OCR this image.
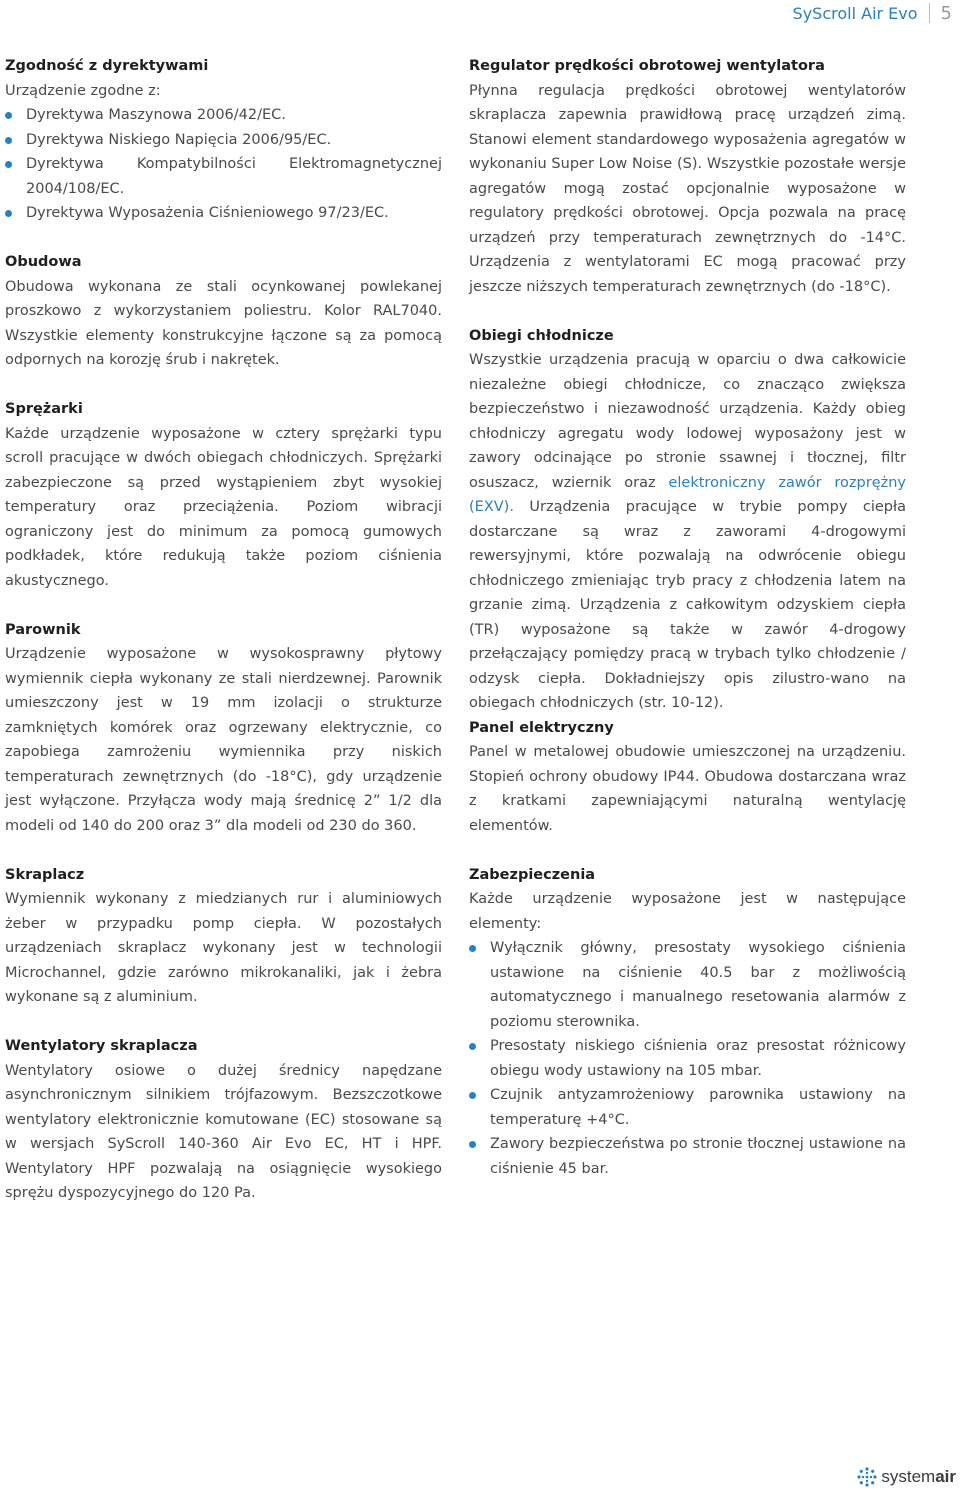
SyScroll Air Evo 5
Zgodność z dyrektywami

Urządzenie zgodne z:

Dyrektywa Maszynowa 2006/42/EC.
Dyrektywa Niskiego Napięcia 2006/95/EC.
Dyrektywa Kompatybilności Elektromagnetycznej 2004/108/EC.
Dyrektywa Wyposażenia Ciśnieniowego 97/23/EC.
Obudowa

Obudowa wykonana ze stali ocynkowanej powlekanej proszkowo z wykorzystaniem poliestru. Kolor RAL7040. Wszystkie elementy konstrukcyjne łączone są za pomocą odpornych na korozję śrub i nakrętek.

Sprężarki

Każde urządzenie wyposażone w cztery sprężarki typu scroll pracujące w dwóch obiegach chłodniczych. Sprężarki zabezpieczone są przed wystąpieniem zbyt wysokiej temperatury oraz przeciążenia. Poziom wibracji ograniczony jest do minimum za pomocą gumowych podkładek, które redukują także poziom ciśnienia akustycznego.

Parownik

Urządzenie wyposażone w wysokosprawny płytowy wymiennik ciepła wykonany ze stali nierdzewnej. Parownik umieszczony jest w 19 mm izolacji o strukturze zamkniętych komórek oraz ogrzewany elektrycznie, co zapobiega zamrożeniu wymiennika przy niskich temperaturach zewnętrznych (do -18°C), gdy urządzenie jest wyłączone. Przyłącza wody mają średnicę 2” 1/2 dla modeli od 140 do 200 oraz 3” dla modeli od 230 do 360.

Skraplacz

Wymiennik wykonany z miedzianych rur i aluminiowych żeber w przypadku pomp ciepła. W pozostałych urządzeniach skraplacz wykonany jest w technologii Microchannel, gdzie zarówno mikrokanaliki, jak i żebra wykonane są z aluminium.

Wentylatory skraplacza

Wentylatory osiowe o dużej średnicy napędzane asynchronicznym silnikiem trójfazowym. Bezszczotkowe wentylatory elektronicznie komutowane (EC) stosowane są w wersjach SyScroll 140-360 Air Evo EC, HT i HPF. Wentylatory HPF pozwalają na osiągnięcie wysokiego sprężu dyspozycyjnego do 120 Pa.

Regulator prędkości obrotowej wentylatora

Płynna regulacja prędkości obrotowej wentylatorów skraplacza zapewnia prawidłową pracę urządzeń zimą. Stanowi element standardowego wyposażenia agregatów w wykonaniu Super Low Noise (S). Wszystkie pozostałe wersje agregatów mogą zostać opcjonalnie wyposażone w regulatory prędkości obrotowej. Opcja pozwala na pracę urządzeń przy temperaturach zewnętrznych do -14°C. Urządzenia z wentylatorami EC mogą pracować przy jeszcze niższych temperaturach zewnętrznych (do -18°C).

Obiegi chłodnicze

Wszystkie urządzenia pracują w oparciu o dwa całkowicie niezależne obiegi chłodnicze, co znacząco zwiększa bezpieczeństwo i niezawodność urządzenia. Każdy obieg chłodniczy agregatu wody lodowej wyposażony jest w zawory odcinające po stronie ssawnej i tłocznej, filtr osuszacz, wziernik oraz elektroniczny zawór rozprężny (EXV). Urządzenia pracujące w trybie pompy ciepła dostarczane są wraz z zaworami 4-drogowymi rewersyjnymi, które pozwalają na odwrócenie obiegu chłodniczego zmieniając tryb pracy z chłodzenia latem na grzanie zimą. Urządzenia z całkowitym odzyskiem ciepła (TR) wyposażone są także w zawór 4-drogowy przełączający pomiędzy pracą w trybach tylko chłodzenie / odzysk ciepła. Dokładniejszy opis zilustro-wano na obiegach chłodniczych (str. 10-12).

Panel elektryczny

Panel w metalowej obudowie umieszczonej na urządzeniu. Stopień ochrony obudowy IP44. Obudowa dostarczana wraz z kratkami zapewniającymi naturalną wentylację elementów.

Zabezpieczenia

Każde urządzenie wyposażone jest w następujące elementy:

Wyłącznik główny, presostaty wysokiego ciśnienia ustawione na ciśnienie 40.5 bar z możliwością automatycznego i manualnego resetowania alarmów z poziomu sterownika.
Presostaty niskiego ciśnienia oraz presostat różnicowy obiegu wody ustawiony na 105 mbar.
Czujnik antyzamrożeniowy parownika ustawiony na temperaturę +4°C.
Zawory bezpieczeństwa po stronie tłocznej ustawione na ciśnienie 45 bar.
system air
